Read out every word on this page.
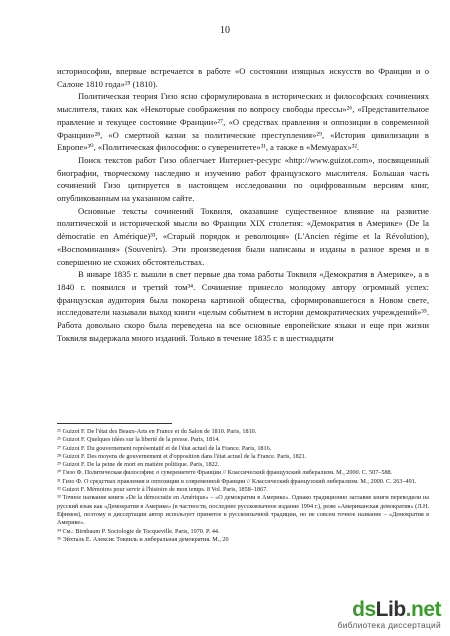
10

историософии, впервые встречается в работе «О состоянии изящных искусств во Франции и о Салоне 1810 года»²⁵ (1810).

Политическая теория Гизо ясно сформулирована в исторических и философских сочинениях мыслителя, таких как «Некоторые соображения по вопросу свободы прессы»²⁶, «Представительное правление и текущее состояние Франции»²⁷, «О средствах правления и оппозиции в современной Франции»²⁸, «О смертной казни за политические преступления»²⁹, «История цивилизации в Европе»³⁰, «Политическая философия: о суверенитете»³¹, а также в «Мемуарах»³².

Поиск текстов работ Гизо облегчает Интернет-ресурс «http://www.guizot.com», посвященный биографии, творческому наследию и изучению работ французского мыслителя. Большая часть сочинений Гизо цитируется в настоящем исследовании по оцифрованным версиям книг, опубликованным на указанном сайте.

Основные тексты сочинений Токвиля, оказавшие существенное влияние на развитие политической и исторической мысли во Франции XIX столетия: «Демократия в Америке» (De la démocratie en Amérique)³³, «Старый порядок и революция» (L'Ancien régime et la Révolution), «Воспоминания» (Souvenirs). Эти произведения были написаны и изданы в разное время и в совершенно не схожих обстоятельствах.

В январе 1835 г. вышли в свет первые два тома работы Токвиля «Демократия в Америке», а в 1840 г. появился и третий том³⁴. Сочинение принесло молодому автору огромный успех: французская аудитория была покорена картиной общества, сформировавшегося в Новом свете, исследователи называли выход книги «целым событием в истории демократических учреждений»³⁵. Работа довольно скоро была переведена на все основные европейские языки и еще при жизни Токвиля выдержала много изданий. Только в течение 1835 г. в шестнадцати

²⁵ Guizot F. De l'état des Beaux-Arts en France et du Salon de 1810. Paris, 1810.
²⁶ Guizot F. Quelques idées sur la liberté de la presse. Paris, 1814.
²⁷ Guizot F. Du gouvernement représentatif et de l'état actuel de la France. Paris, 1816.
²⁸ Guizot F. Des moyens de gouvernement et d'opposition dans l'état actuel de la France. Paris, 1821.
²⁹ Guizot F. De la peine de mort en matière politique. Paris, 1822.
³⁰ Гизо Ф. Политическая философия: о суверенитете Франции // Классический французский либерализм. М., 2000. С. 507–588.
³¹ Гизо Ф. О средствах правления и оппозиции в современной Франции // Классический французский либерализм. М., 2000. С. 263–491.
³² Guizot F. Mémoires pour servir à l'histoire de mon temps. 8 Vol. Paris, 1858–1867.
³³ Точное название книги «De la démocratie en Amérique» – «О демократии в Америке». Однако традиционно заглавие книги переводили на русский язык как «Демократия в Америке» (в частности, последнее русскоязычное издание 1994 г.), реже «Американская демократия» (Л.Н. Ефимов), поэтому в диссертации автор использует принятое в русскоязычной традиции, но не совсем точное название – «Демократия в Америке».
³⁴ См.: Birnbaum P. Sociologie de Tocqueville. Paris, 1970. P. 44.
³⁵ Эйхталь Е. Алексис Токвиль и либеральная демократия. М., 20
dsLib.net
библиотека диссертаций
